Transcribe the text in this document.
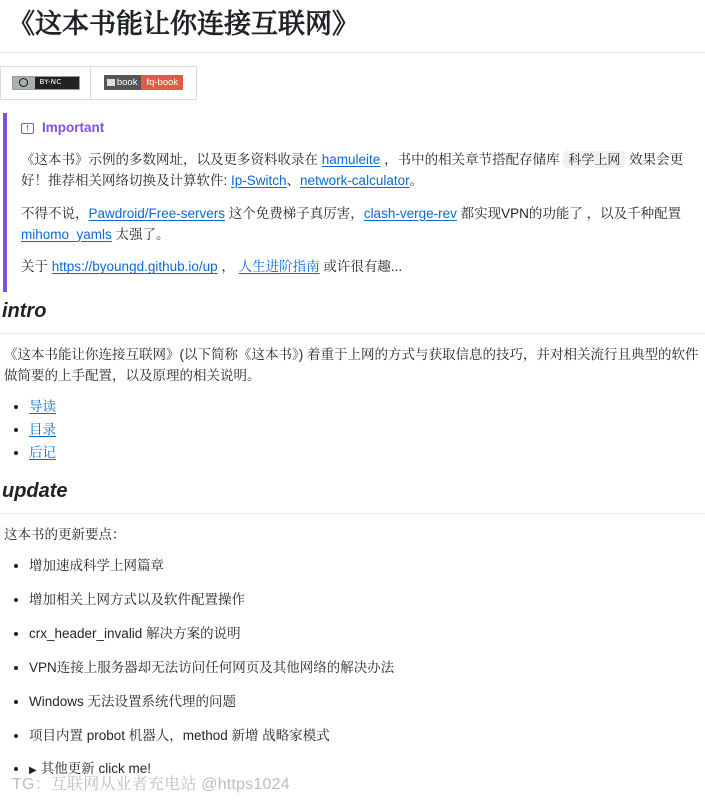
《这本书能让你连接互联网》
BY-NC	book fq-book
! Important

《这本书》示例的多数网址，以及更多资料收录在 hamuleite ，书中的相关章节搭配存储库 科学上网 效果会更好！推荐相关网络切换及计算软件: Ip-Switch、network-calculator。

不得不说，Pawdroid/Free-servers 这个免费梯子真厉害，clash-verge-rev 都实现VPN的功能了 ，以及千种配置 mihomo_yamls 太强了。

关于 https://byoungd.github.io/up ， 人生进阶指南 或许很有趣...

intro

《这本书能让你连接互联网》(以下简称《这本书》) 着重于上网的方式与获取信息的技巧，并对相关流行且典型的软件做简要的上手配置，以及原理的相关说明。

• 导读
• 目录
• 后记
update

这本书的更新要点：

• 增加速成科学上网篇章
• 增加相关上网方式以及软件配置操作
• crx_header_invalid 解决方案的说明
• VPN连接上服务器却无法访问任何网页及其他网络的解决办法
• Windows 无法设置系统代理的问题
• 项目内置 probot 机器人，method 新增 战略家模式
• ▶ 其他更新 click me!
TG：互联网从业者充电站 @https1024
